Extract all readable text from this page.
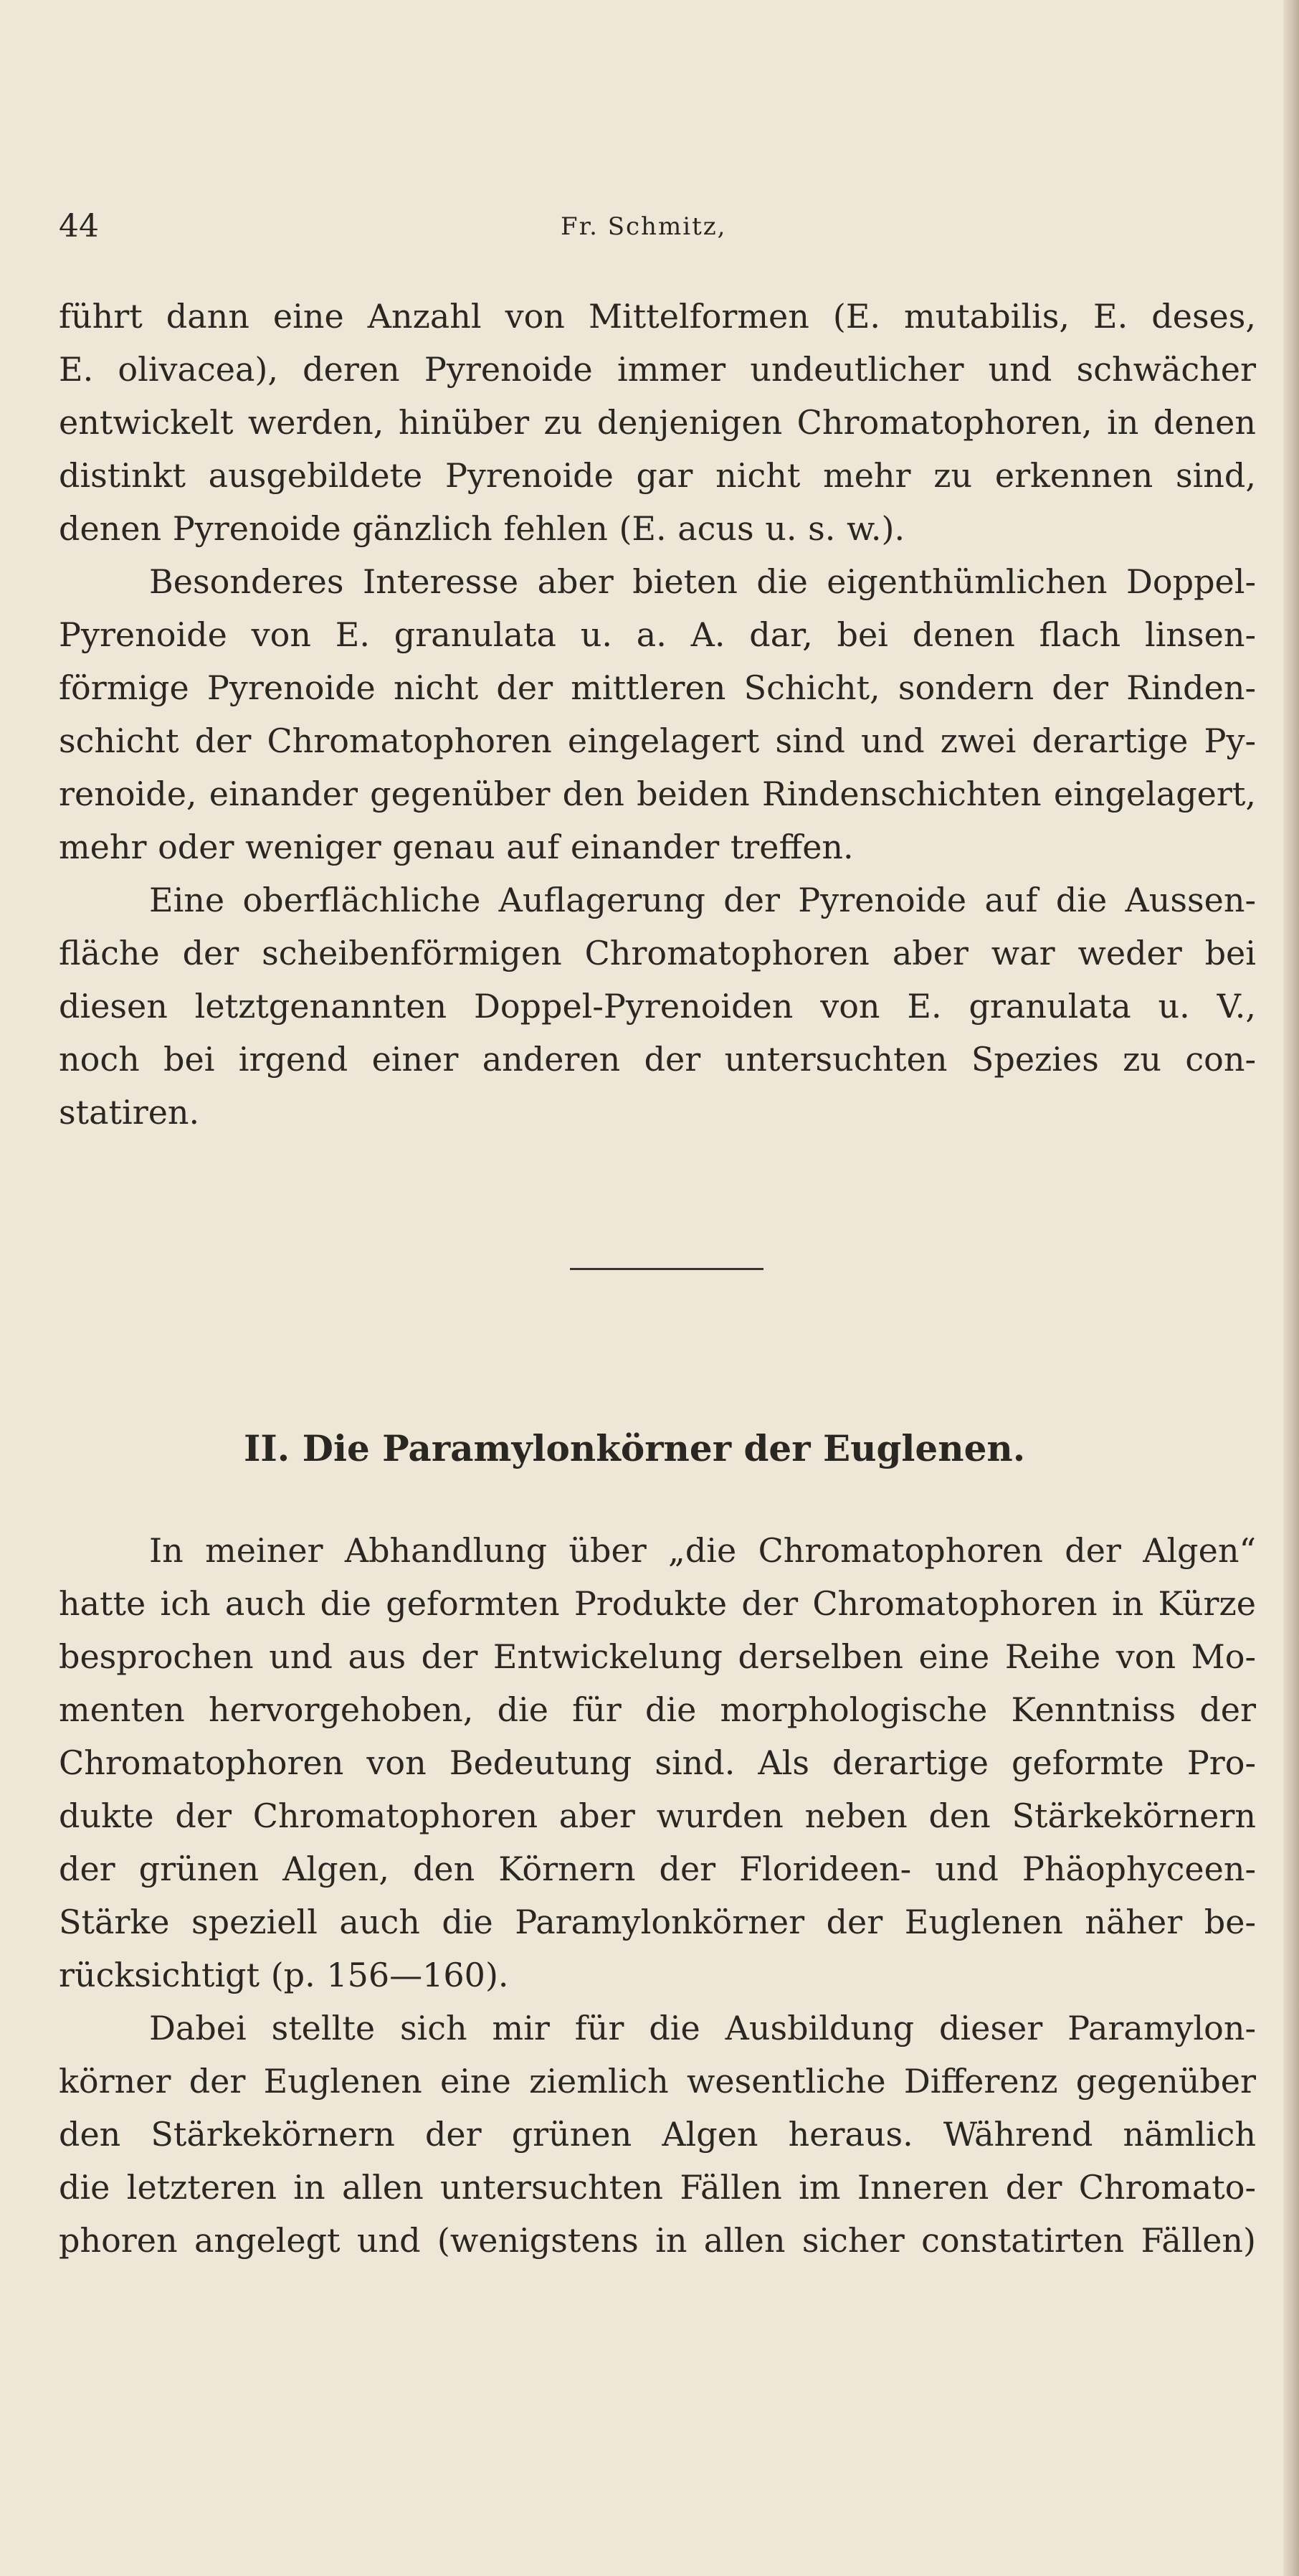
44	Fr. Schmitz,
führt dann eine Anzahl von Mittelformen (E. mutabilis, E. deses,
E. olivacea), deren Pyrenoide immer undeutlicher und schwächer
entwickelt werden, hinüber zu denjenigen Chromatophoren, in denen
distinkt ausgebildete Pyrenoide gar nicht mehr zu erkennen sind,
denen Pyrenoide gänzlich fehlen (E. acus u. s. w.).
Besonderes Interesse aber bieten die eigenthümlichen Doppel-
Pyrenoide von E. granulata u. a. A. dar, bei denen flach linsen-
förmige Pyrenoide nicht der mittleren Schicht, sondern der Rinden-
schicht der Chromatophoren eingelagert sind und zwei derartige Py-
renoide, einander gegenüber den beiden Rindenschichten eingelagert,
mehr oder weniger genau auf einander treffen.
Eine oberflächliche Auflagerung der Pyrenoide auf die Aussen-
fläche der scheibenförmigen Chromatophoren aber war weder bei
diesen letztgenannten Doppel-Pyrenoiden von E. granulata u. V.,
noch bei irgend einer anderen der untersuchten Spezies zu con-
statiren.
II. Die Paramylonkörner der Euglenen.
In meiner Abhandlung über „die Chromatophoren der Algen“
hatte ich auch die geformten Produkte der Chromatophoren in Kürze
besprochen und aus der Entwickelung derselben eine Reihe von Mo-
menten hervorgehoben, die für die morphologische Kenntniss der
Chromatophoren von Bedeutung sind. Als derartige geformte Pro-
dukte der Chromatophoren aber wurden neben den Stärkekörnern
der grünen Algen, den Körnern der Florideen- und Phäophyceen-
Stärke speziell auch die Paramylonkörner der Euglenen näher be-
rücksichtigt (p. 156—160).
Dabei stellte sich mir für die Ausbildung dieser Paramylon-
körner der Euglenen eine ziemlich wesentliche Differenz gegenüber
den Stärkekörnern der grünen Algen heraus. Während nämlich
die letzteren in allen untersuchten Fällen im Inneren der Chromato-
phoren angelegt und (wenigstens in allen sicher constatirten Fällen)
